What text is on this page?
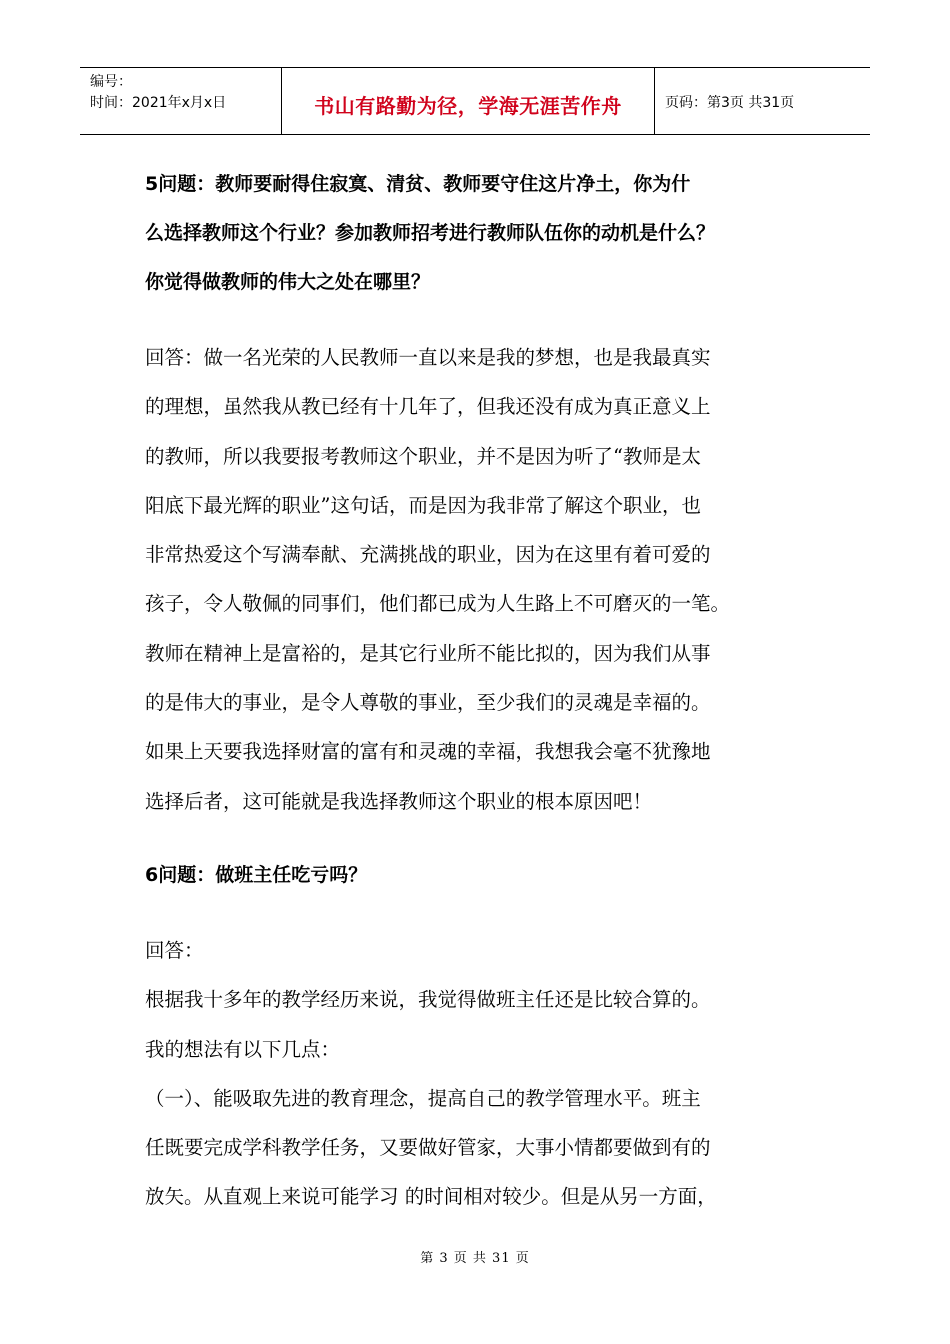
编号：
时间：2021年x月x日	书山有路勤为径，学海无涯苦作舟	页码：第3页 共31页

5问题：教师要耐得住寂寞、清贫、教师要守住这片净土，你为什

么选择教师这个行业？参加教师招考进行教师队伍你的动机是什么？

你觉得做教师的伟大之处在哪里？

回答：做一名光荣的人民教师一直以来是我的梦想，也是我最真实

的理想，虽然我从教已经有十几年了，但我还没有成为真正意义上

的教师，所以我要报考教师这个职业，并不是因为听了“教师是太

阳底下最光辉的职业”这句话，而是因为我非常了解这个职业，也

非常热爱这个写满奉献、充满挑战的职业，因为在这里有着可爱的

孩子，令人敬佩的同事们，他们都已成为人生路上不可磨灭的一笔。

教师在精神上是富裕的，是其它行业所不能比拟的，因为我们从事

的是伟大的事业，是令人尊敬的事业，至少我们的灵魂是幸福的。

如果上天要我选择财富的富有和灵魂的幸福，我想我会毫不犹豫地

选择后者，这可能就是我选择教师这个职业的根本原因吧！

6问题：做班主任吃亏吗？

回答：

根据我十多年的教学经历来说，我觉得做班主任还是比较合算的。

我的想法有以下几点：

（一）、能吸取先进的教育理念，提高自己的教学管理水平。班主

任既要完成学科教学任务，又要做好管家，大事小情都要做到有的

放矢。从直观上来说可能学习 的时间相对较少。但是从另一方面，

第 3 页 共 31 页
